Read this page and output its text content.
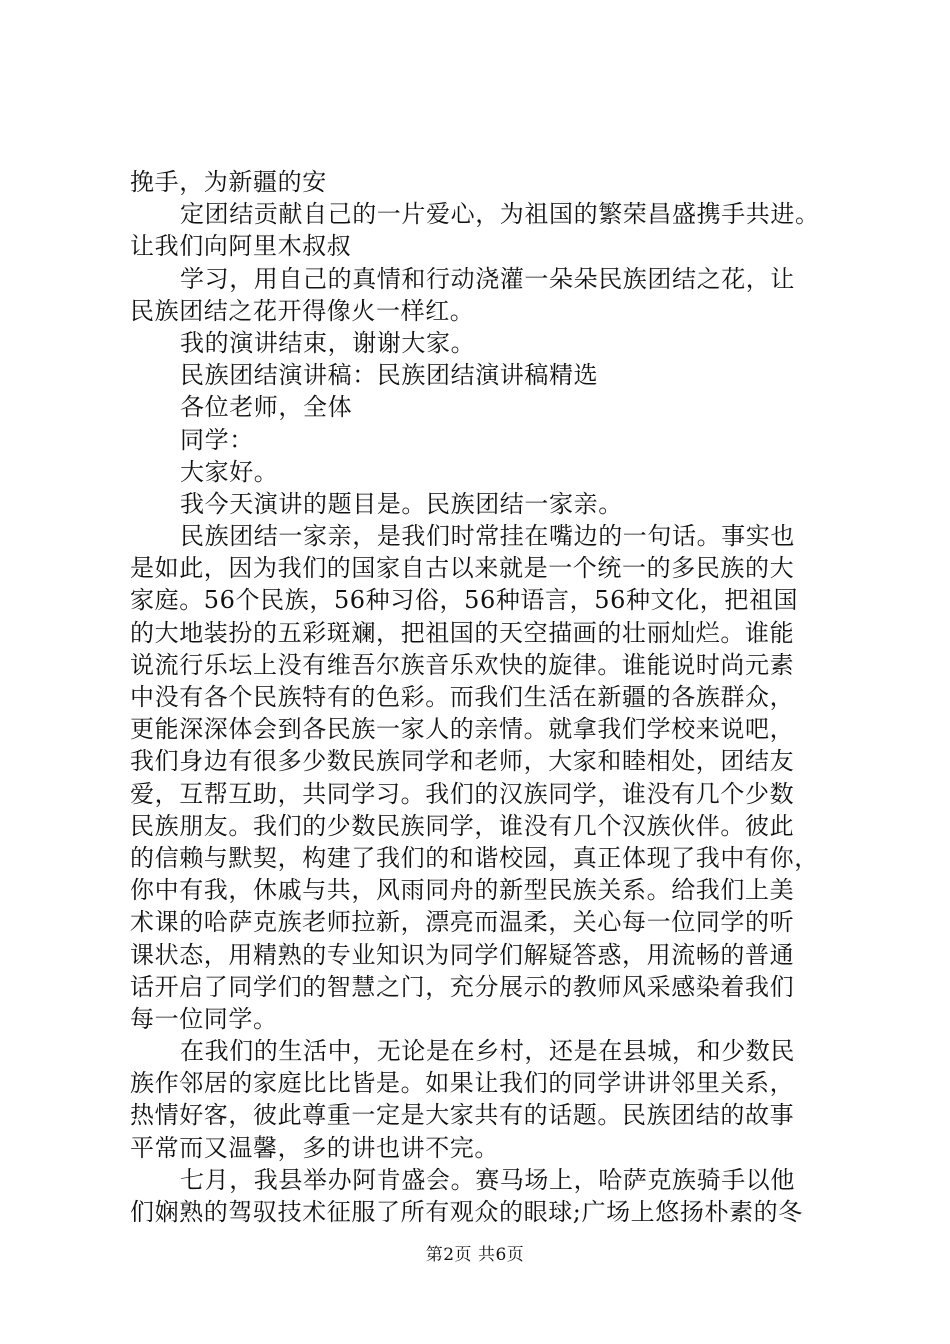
挽手，为新疆的安
定团结贡献自己的一片爱心，为祖国的繁荣昌盛携手共进。
让我们向阿里木叔叔
学习，用自己的真情和行动浇灌一朵朵民族团结之花，让
民族团结之花开得像火一样红。
我的演讲结束，谢谢大家。
民族团结演讲稿：民族团结演讲稿精选
各位老师，全体
同学：
大家好。
我今天演讲的题目是。民族团结一家亲。
民族团结一家亲，是我们时常挂在嘴边的一句话。事实也
是如此，因为我们的国家自古以来就是一个统一的多民族的大
家庭。56个民族，56种习俗，56种语言，56种文化，把祖国
的大地装扮的五彩斑斓，把祖国的天空描画的壮丽灿烂。谁能
说流行乐坛上没有维吾尔族音乐欢快的旋律。谁能说时尚元素
中没有各个民族特有的色彩。而我们生活在新疆的各族群众，
更能深深体会到各民族一家人的亲情。就拿我们学校来说吧，
我们身边有很多少数民族同学和老师，大家和睦相处，团结友
爱，互帮互助，共同学习。我们的汉族同学，谁没有几个少数
民族朋友。我们的少数民族同学，谁没有几个汉族伙伴。彼此
的信赖与默契，构建了我们的和谐校园，真正体现了我中有你，
你中有我，休戚与共，风雨同舟的新型民族关系。给我们上美
术课的哈萨克族老师拉新，漂亮而温柔，关心每一位同学的听
课状态，用精熟的专业知识为同学们解疑答惑，用流畅的普通
话开启了同学们的智慧之门，充分展示的教师风采感染着我们
每一位同学。
在我们的生活中，无论是在乡村，还是在县城，和少数民
族作邻居的家庭比比皆是。如果让我们的同学讲讲邻里关系，
热情好客，彼此尊重一定是大家共有的话题。民族团结的故事
平常而又温馨，多的讲也讲不完。
七月，我县举办阿肯盛会。赛马场上，哈萨克族骑手以他
们娴熟的驾驭技术征服了所有观众的眼球;广场上悠扬朴素的冬
第2页 共6页
